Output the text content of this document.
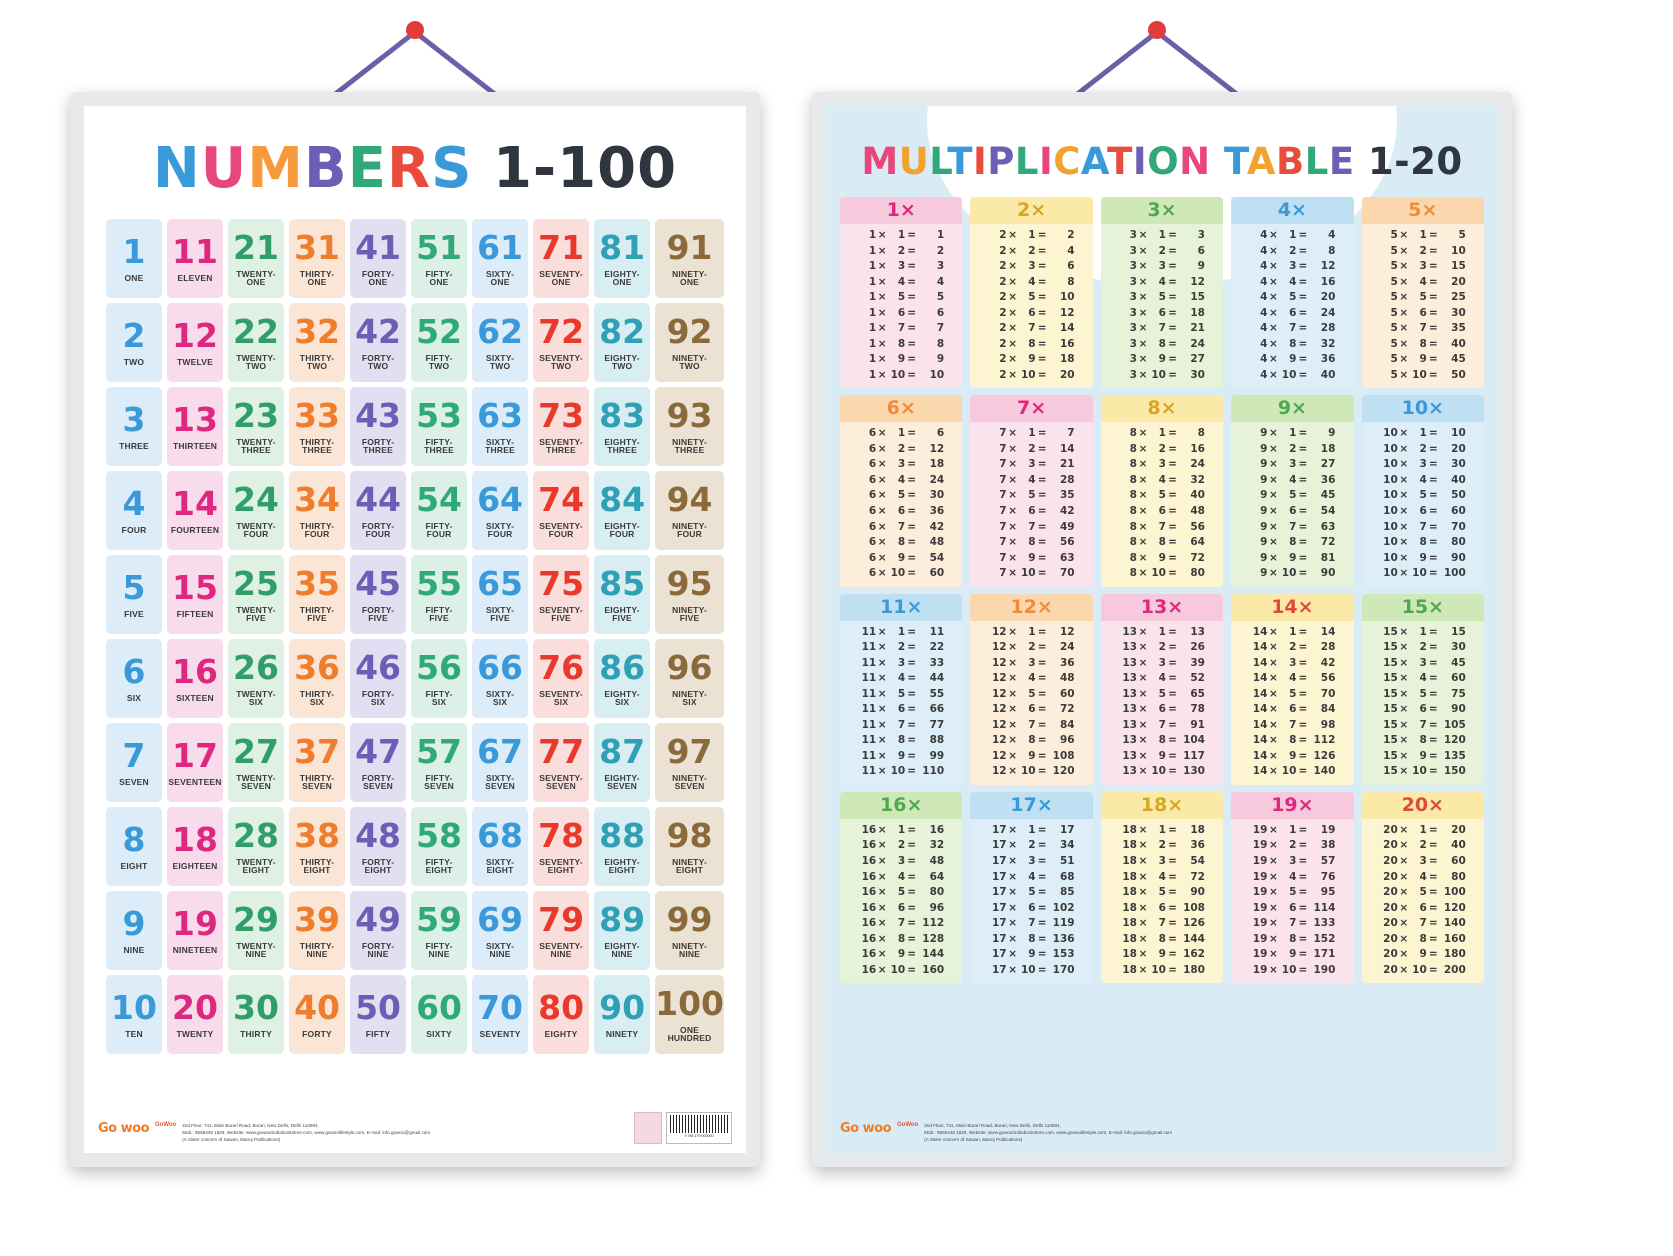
NUMBERS 1-100
1
ONE
11
ELEVEN
21
TWENTY-
ONE
31
THIRTY-
ONE
41
FORTY-
ONE
51
FIFTY-
ONE
61
SIXTY-
ONE
71
SEVENTY-
ONE
81
EIGHTY-
ONE
91
NINETY-
ONE
2
TWO
12
TWELVE
22
TWENTY-
TWO
32
THIRTY-
TWO
42
FORTY-
TWO
52
FIFTY-
TWO
62
SIXTY-
TWO
72
SEVENTY-
TWO
82
EIGHTY-
TWO
92
NINETY-
TWO
3
THREE
13
THIRTEEN
23
TWENTY-
THREE
33
THIRTY-
THREE
43
FORTY-
THREE
53
FIFTY-
THREE
63
SIXTY-
THREE
73
SEVENTY-
THREE
83
EIGHTY-
THREE
93
NINETY-
THREE
4
FOUR
14
FOURTEEN
24
TWENTY-
FOUR
34
THIRTY-
FOUR
44
FORTY-
FOUR
54
FIFTY-
FOUR
64
SIXTY-
FOUR
74
SEVENTY-
FOUR
84
EIGHTY-
FOUR
94
NINETY-
FOUR
5
FIVE
15
FIFTEEN
25
TWENTY-
FIVE
35
THIRTY-
FIVE
45
FORTY-
FIVE
55
FIFTY-
FIVE
65
SIXTY-
FIVE
75
SEVENTY-
FIVE
85
EIGHTY-
FIVE
95
NINETY-
FIVE
6
SIX
16
SIXTEEN
26
TWENTY-
SIX
36
THIRTY-
SIX
46
FORTY-
SIX
56
FIFTY-
SIX
66
SIXTY-
SIX
76
SEVENTY-
SIX
86
EIGHTY-
SIX
96
NINETY-
SIX
7
SEVEN
17
SEVENTEEN
27
TWENTY-
SEVEN
37
THIRTY-
SEVEN
47
FORTY-
SEVEN
57
FIFTY-
SEVEN
67
SIXTY-
SEVEN
77
SEVENTY-
SEVEN
87
EIGHTY-
SEVEN
97
NINETY-
SEVEN
8
EIGHT
18
EIGHTEEN
28
TWENTY-
EIGHT
38
THIRTY-
EIGHT
48
FORTY-
EIGHT
58
FIFTY-
EIGHT
68
SIXTY-
EIGHT
78
SEVENTY-
EIGHT
88
EIGHTY-
EIGHT
98
NINETY-
EIGHT
9
NINE
19
NINETEEN
29
TWENTY-
NINE
39
THIRTY-
NINE
49
FORTY-
NINE
59
FIFTY-
NINE
69
SIXTY-
NINE
79
SEVENTY-
NINE
89
EIGHTY-
NINE
99
NINETY-
NINE
10
TEN
20
TWENTY
30
THIRTY
40
FORTY
50
FIFTY
60
SIXTY
70
SEVENTY
80
EIGHTY
90
NINETY
100
ONE
HUNDRED
Go woo GoWoo 2nd Floor, 741, Main Burari Road, Burari, New Delhi, Delhi 110084,
Mob.: 9555448 1829, Website: www.gowoorindiabookstore.com, www.gowoolifestyle.com, E-mail: info.gowoo@gmail.com
(A Sister concern of Sawan, Manoj Publications)
9 786 179 000000
MULTIPLICATION TABLE 1-20
1×
1 ×	1 =	1
1 ×	2 =	2
1 ×	3 =	3
1 ×	4 =	4
1 ×	5 =	5
1 ×	6 =	6
1 ×	7 =	7
1 ×	8 =	8
1 ×	9 =	9
1 × 10 =	10
2×
2 ×	1 =	2
2 ×	2 =	4
2 ×	3 =	6
2 ×	4 =	8
2 ×	5 =	10
2 ×	6 =	12
2 ×	7 =	14
2 ×	8 =	16
2 ×	9 =	18
2 × 10 =	20
3×
3 ×	1 =	3
3 ×	2 =	6
3 ×	3 =	9
3 ×	4 =	12
3 ×	5 =	15
3 ×	6 =	18
3 ×	7 =	21
3 ×	8 =	24
3 ×	9 =	27
3 × 10 =	30
4×
4 ×	1 =	4
4 ×	2 =	8
4 ×	3 =	12
4 ×	4 =	16
4 ×	5 =	20
4 ×	6 =	24
4 ×	7 =	28
4 ×	8 =	32
4 ×	9 =	36
4 × 10 =	40
5×
5 ×	1 =	5
5 ×	2 =	10
5 ×	3 =	15
5 ×	4 =	20
5 ×	5 =	25
5 ×	6 =	30
5 ×	7 =	35
5 ×	8 =	40
5 ×	9 =	45
5 × 10 =	50
6×
6 ×	1 =	6
6 ×	2 =	12
6 ×	3 =	18
6 ×	4 =	24
6 ×	5 =	30
6 ×	6 =	36
6 ×	7 =	42
6 ×	8 =	48
6 ×	9 =	54
6 × 10 =	60
7×
7 ×	1 =	7
7 ×	2 =	14
7 ×	3 =	21
7 ×	4 =	28
7 ×	5 =	35
7 ×	6 =	42
7 ×	7 =	49
7 ×	8 =	56
7 ×	9 =	63
7 × 10 =	70
8×
8 ×	1 =	8
8 ×	2 =	16
8 ×	3 =	24
8 ×	4 =	32
8 ×	5 =	40
8 ×	6 =	48
8 ×	7 =	56
8 ×	8 =	64
8 ×	9 =	72
8 × 10 =	80
9×
9 ×	1 =	9
9 ×	2 =	18
9 ×	3 =	27
9 ×	4 =	36
9 ×	5 =	45
9 ×	6 =	54
9 ×	7 =	63
9 ×	8 =	72
9 ×	9 =	81
9 × 10 =	90
10×
10 ×	1 =	10
10 ×	2 =	20
10 ×	3 =	30
10 ×	4 =	40
10 ×	5 =	50
10 ×	6 =	60
10 ×	7 =	70
10 ×	8 =	80
10 ×	9 =	90
10 × 10 = 100
11×
11 ×	1 =	11
11 ×	2 =	22
11 ×	3 =	33
11 ×	4 =	44
11 ×	5 =	55
11 ×	6 =	66
11 ×	7 =	77
11 ×	8 =	88
11 ×	9 =	99
11 × 10 = 110
12×
12 ×	1 =	12
12 ×	2 =	24
12 ×	3 =	36
12 ×	4 =	48
12 ×	5 =	60
12 ×	6 =	72
12 ×	7 =	84
12 ×	8 =	96
12 ×	9 = 108
12 × 10 = 120
13×
13 ×	1 =	13
13 ×	2 =	26
13 ×	3 =	39
13 ×	4 =	52
13 ×	5 =	65
13 ×	6 =	78
13 ×	7 =	91
13 ×	8 = 104
13 ×	9 = 117
13 × 10 = 130
14×
14 ×	1 =	14
14 ×	2 =	28
14 ×	3 =	42
14 ×	4 =	56
14 ×	5 =	70
14 ×	6 =	84
14 ×	7 =	98
14 ×	8 = 112
14 ×	9 = 126
14 × 10 = 140
15×
15 ×	1 =	15
15 ×	2 =	30
15 ×	3 =	45
15 ×	4 =	60
15 ×	5 =	75
15 ×	6 =	90
15 ×	7 = 105
15 ×	8 = 120
15 ×	9 = 135
15 × 10 = 150
16×
16 ×	1 =	16
16 ×	2 =	32
16 ×	3 =	48
16 ×	4 =	64
16 ×	5 =	80
16 ×	6 =	96
16 ×	7 = 112
16 ×	8 = 128
16 ×	9 = 144
16 × 10 = 160
17×
17 ×	1 =	17
17 ×	2 =	34
17 ×	3 =	51
17 ×	4 =	68
17 ×	5 =	85
17 ×	6 = 102
17 ×	7 = 119
17 ×	8 = 136
17 ×	9 = 153
17 × 10 = 170
18×
18 ×	1 =	18
18 ×	2 =	36
18 ×	3 =	54
18 ×	4 =	72
18 ×	5 =	90
18 ×	6 = 108
18 ×	7 = 126
18 ×	8 = 144
18 ×	9 = 162
18 × 10 = 180
19×
19 ×	1 =	19
19 ×	2 =	38
19 ×	3 =	57
19 ×	4 =	76
19 ×	5 =	95
19 ×	6 = 114
19 ×	7 = 133
19 ×	8 = 152
19 ×	9 = 171
19 × 10 = 190
20×
20 ×	1 =	20
20 ×	2 =	40
20 ×	3 =	60
20 ×	4 =	80
20 ×	5 = 100
20 ×	6 = 120
20 ×	7 = 140
20 ×	8 = 160
20 ×	9 = 180
20 × 10 = 200
Go woo GoWoo 2nd Floor, 741, Main Burari Road, Burari, New Delhi, Delhi 110084,
Mob.: 9555448 1829, Website: www.gowoorindiabookstore.com, www.gowoolifestyle.com, E-mail: info.gowoo@gmail.com
(A Sister concern of Sawan, Manoj Publications)
